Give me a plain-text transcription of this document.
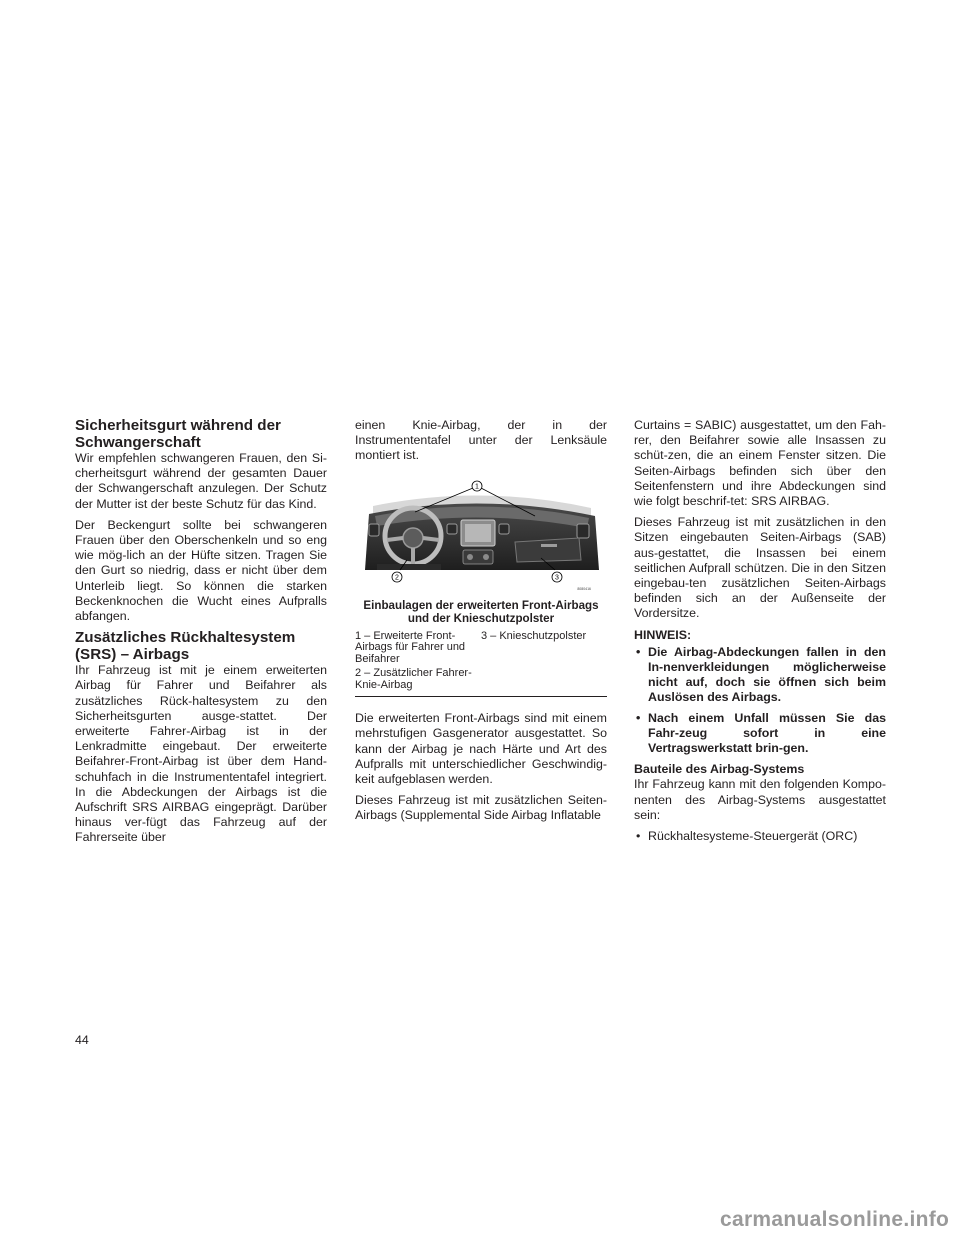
Sicherheitsgurt während der Schwangerschaft

Wir empfehlen schwangeren Frauen, den Si-cherheitsgurt während der gesamten Dauer der Schwangerschaft anzulegen. Der Schutz der Mutter ist der beste Schutz für das Kind.

Der Beckengurt sollte bei schwangeren Frauen über den Oberschenkeln und so eng wie mög-lich an der Hüfte sitzen. Tragen Sie den Gurt so niedrig, dass er nicht über dem Unterleib liegt. So können die starken Beckenknochen die Wucht eines Aufpralls abfangen.

Zusätzliches Rückhaltesystem (SRS) – Airbags

Ihr Fahrzeug ist mit je einem erweiterten Airbag für Fahrer und Beifahrer als zusätzliches Rück-haltesystem zu den Sicherheitsgurten ausge-stattet. Der erweiterte Fahrer-Airbag ist in der Lenkradmitte eingebaut. Der erweiterte Beifahrer-Front-Airbag ist über dem Hand-schuhfach in die Instrumententafel integriert. In die Abdeckungen der Airbags ist die Aufschrift SRS AIRBAG eingeprägt. Darüber hinaus ver-fügt das Fahrzeug auf der Fahrerseite über

einen Knie-Airbag, der in der Instrumententafel unter der Lenksäule montiert ist.

1
2	3
8080416
Einbaulagen der erweiterten Front-Airbags und der Knieschutzpolster
1 – Erweiterte Front-Airbags für Fahrer und Beifahrer
2 – Zusätzlicher Fahrer-Knie-Airbag
3 – Knieschutzpolster

Die erweiterten Front-Airbags sind mit einem mehrstufigen Gasgenerator ausgestattet. So kann der Airbag je nach Härte und Art des Aufpralls mit unterschiedlicher Geschwindig-keit aufgeblasen werden.

Dieses Fahrzeug ist mit zusätzlichen Seiten-Airbags (Supplemental Side Airbag Inflatable

Curtains = SABIC) ausgestattet, um den Fah-rer, den Beifahrer sowie alle Insassen zu schüt-zen, die an einem Fenster sitzen. Die Seiten-Airbags befinden sich über den Seitenfenstern und ihre Abdeckungen sind wie folgt beschrif-tet: SRS AIRBAG.

Dieses Fahrzeug ist mit zusätzlichen in den Sitzen eingebauten Seiten-Airbags (SAB) aus-gestattet, die Insassen bei einem seitlichen Aufprall schützen. Die in den Sitzen eingebau-ten zusätzlichen Seiten-Airbags befinden sich an der Außenseite der Vordersitze.

HINWEIS:
• Die Airbag-Abdeckungen fallen in den In-nenverkleidungen möglicherweise nicht auf, doch sie öffnen sich beim Auslösen des Airbags.
• Nach einem Unfall müssen Sie das Fahr-zeug sofort in eine Vertragswerkstatt brin-gen.
Bauteile des Airbag-Systems

Ihr Fahrzeug kann mit den folgenden Kompo-nenten des Airbag-Systems ausgestattet sein:

• Rückhaltesysteme-Steuergerät (ORC)
44
carmanualsonline.info
